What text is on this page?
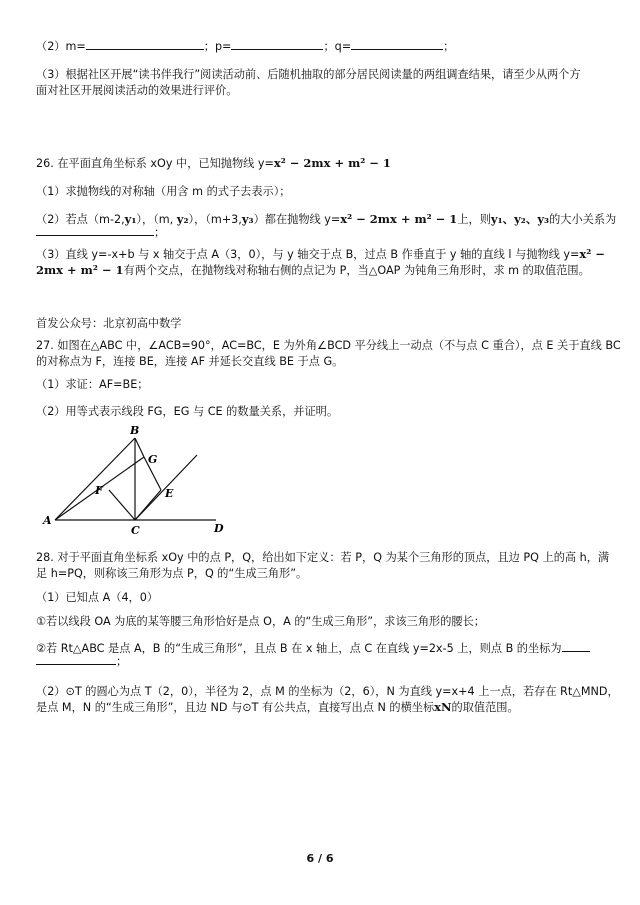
（2）m=	；p=	；q=	；
（3）根据社区开展“读书伴我行”阅读活动前、后随机抽取的部分居民阅读量的两组调查结果，请至少从两个方
面对社区开展阅读活动的效果进行评价。
26. 在平面直角坐标系 xOy 中，已知抛物线 y=x² − 2mx + m² − 1
（1）求抛物线的对称轴（用含 m 的式子去表示）；
（2）若点（m-2,y₁），（m, y₂），（m+3,y₃）都在抛物线 y=x² − 2mx + m² − 1上，则y₁、y₂、y₃的大小关系为
；
（3）直线 y=-x+b 与 x 轴交于点 A（3，0），与 y 轴交于点 B，过点 B 作垂直于 y 轴的直线 l 与抛物线 y=x² −
2mx + m² − 1有两个交点，在抛物线对称轴右侧的点记为 P，当△OAP 为钝角三角形时，求 m 的取值范围。
首发公众号：北京初高中数学
27. 如图在△ABC 中，∠ACB=90°，AC=BC，E 为外角∠BCD 平分线上一动点（不与点 C 重合），点 E 关于直线 BC
的对称点为 F，连接 BE，连接 AF 并延长交直线 BE 于点 G。
（1）求证：AF=BE；
（2）用等式表示线段 FG，EG 与 CE 的数量关系，并证明。
A
B
C	D
E
F
G
28. 对于平面直角坐标系 xOy 中的点 P，Q，给出如下定义：若 P，Q 为某个三角形的顶点，且边 PQ 上的高 h，满
足 h=PQ，则称该三角形为点 P，Q 的“生成三角形”。
（1）已知点 A（4，0）
①若以线段 OA 为底的某等腰三角形恰好是点 O，A 的“生成三角形”，求该三角形的腰长；
②若 Rt△ABC 是点 A，B 的“生成三角形”，且点 B 在 x 轴上，点 C 在直线 y=2x-5 上，则点 B 的坐标为
；
（2）⊙T 的圆心为点 T（2，0），半径为 2，点 M 的坐标为（2，6），N 为直线 y=x+4 上一点，若存在 Rt△MND，
是点 M，N 的“生成三角形”，且边 ND 与⊙T 有公共点，直接写出点 N 的横坐标xN的取值范围。
6 / 6
